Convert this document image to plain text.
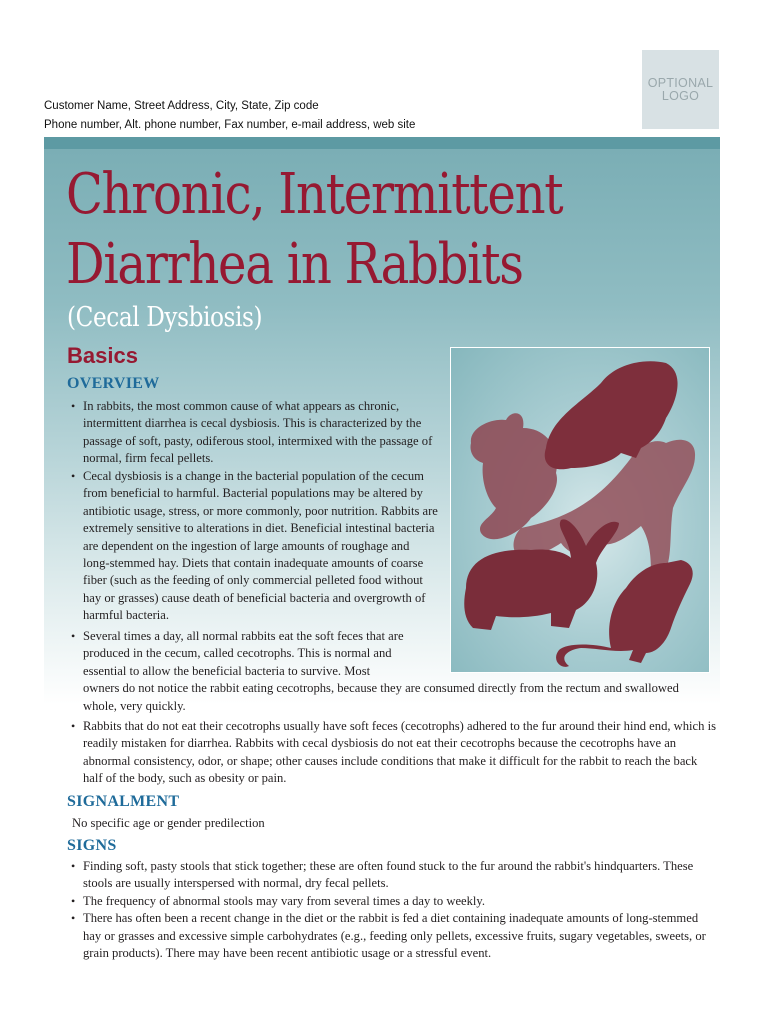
Customer Name, Street Address, City, State, Zip code
Phone number, Alt. phone number, Fax number, e-mail address, web site
OPTIONAL
LOGO
Chronic, Intermittent
Diarrhea in Rabbits
(Cecal Dysbiosis)
Basics
OVERVIEW
• In rabbits, the most common cause of what appears as chronic, intermittent diarrhea is cecal dysbiosis. This is characterized by the passage of soft, pasty, odiferous stool, intermixed with the passage of normal, firm fecal pellets.
• Cecal dysbiosis is a change in the bacterial population of the cecum from beneficial to harmful. Bacterial populations may be altered by antibiotic usage, stress, or more commonly, poor nutrition. Rabbits are extremely sensitive to alterations in diet. Beneficial intestinal bacteria are dependent on the ingestion of large amounts of roughage and long-stemmed hay. Diets that contain inadequate amounts of coarse fiber (such as the feeding of only commercial pelleted food without hay or grasses) cause death of beneficial bacteria and overgrowth of harmful bacteria.
• Several times a day, all normal rabbits eat the soft feces that are produced in the cecum, called cecotrophs. This is normal and essential to allow the beneficial bacteria to survive. Most
owners do not notice the rabbit eating cecotrophs, because they are consumed directly from the rectum and swallowed whole, very quickly.
• Rabbits that do not eat their cecotrophs usually have soft feces (cecotrophs) adhered to the fur around their hind end, which is readily mistaken for diarrhea. Rabbits with cecal dysbiosis do not eat their cecotrophs because the cecotrophs have an abnormal consistency, odor, or shape; other causes include conditions that make it difficult for the rabbit to reach the back half of the body, such as obesity or pain.
SIGNALMENT
No specific age or gender predilection
SIGNS
• Finding soft, pasty stools that stick together; these are often found stuck to the fur around the rabbit's hindquarters. These stools are usually interspersed with normal, dry fecal pellets.
• The frequency of abnormal stools may vary from several times a day to weekly.
• There has often been a recent change in the diet or the rabbit is fed a diet containing inadequate amounts of long-stemmed hay or grasses and excessive simple carbohydrates (e.g., feeding only pellets, excessive fruits, sugary vegetables, sweets, or grain products). There may have been recent antibiotic usage or a stressful event.
